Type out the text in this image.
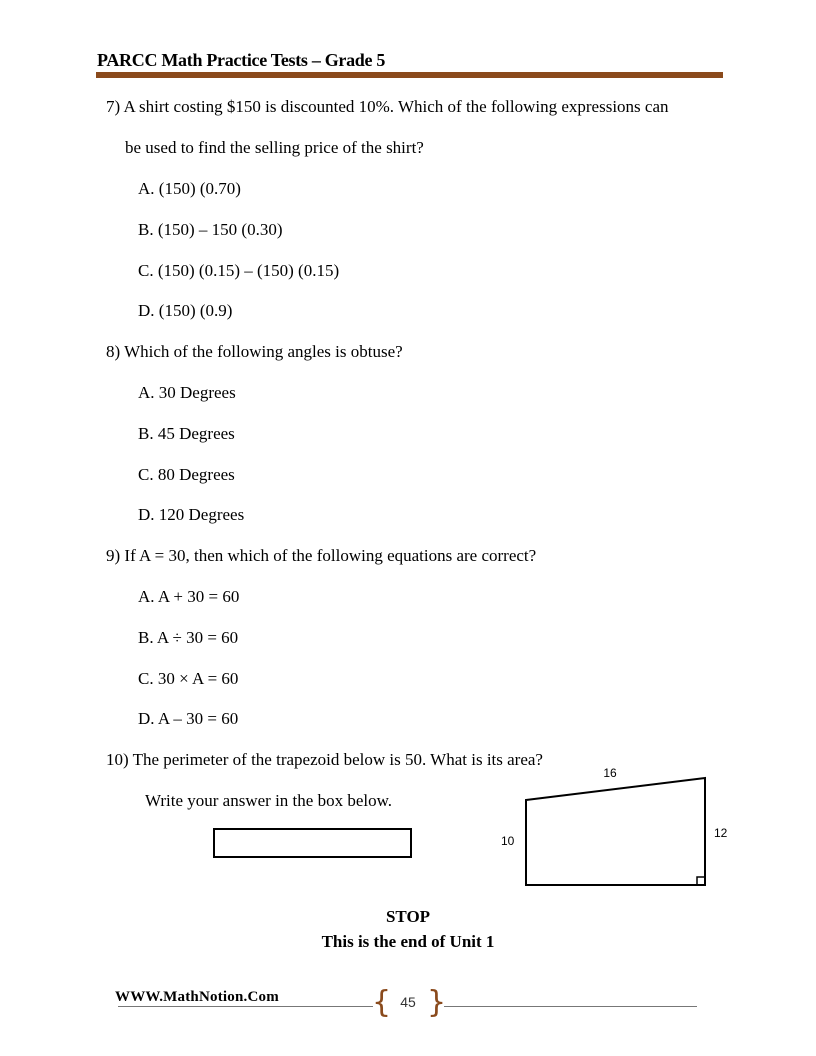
PARCC Math Practice Tests – Grade 5
7) A shirt costing $150 is discounted 10%. Which of the following expressions can
be used to find the selling price of the shirt?
A. (150) (0.70)
B. (150) – 150 (0.30)
C. (150) (0.15) – (150) (0.15)
D. (150) (0.9)
8) Which of the following angles is obtuse?
A. 30 Degrees
B. 45 Degrees
C. 80 Degrees
D. 120 Degrees
9) If A = 30, then which of the following equations are correct?
A. A + 30 = 60
B. A ÷ 30 = 60
C. 30 × A = 60
D. A – 30 = 60
10) The perimeter of the trapezoid below is 50. What is its area?
Write your answer in the box below.
16
10
12
STOP
This is the end of Unit 1
WWW.MathNotion.Com	{ 45 }
